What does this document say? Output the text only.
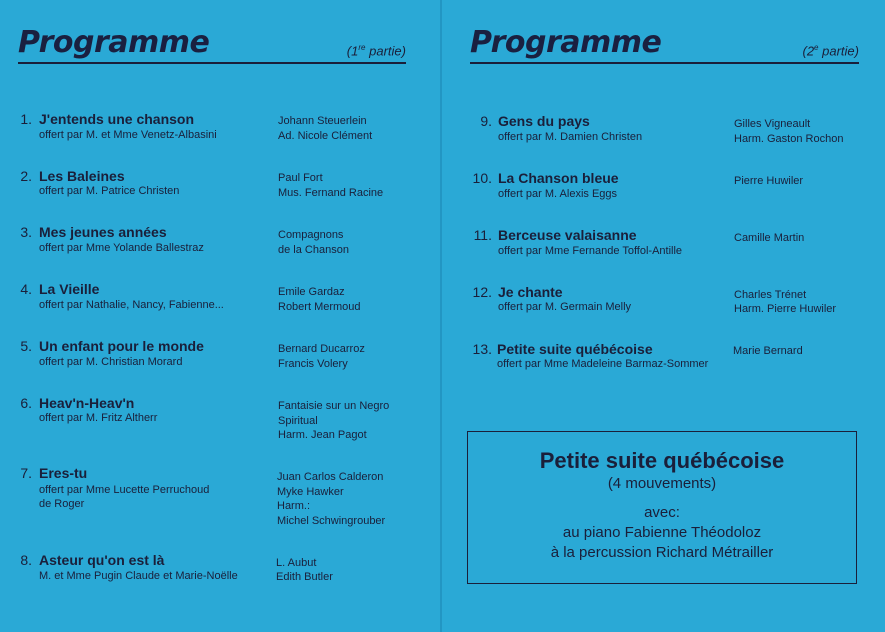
Programme	(1re partie)
1. J'entends une chanson
offert par M. et Mme Venetz-Albasini
Johann Steuerlein
Ad. Nicole Clément
2. Les Baleines
offert par M. Patrice Christen
Paul Fort
Mus. Fernand Racine
3. Mes jeunes années
offert par Mme Yolande Ballestraz
Compagnons
de la Chanson
4. La Vieille
offert par Nathalie, Nancy, Fabienne...
Emile Gardaz
Robert Mermoud
5. Un enfant pour le monde
offert par M. Christian Morard
Bernard Ducarroz
Francis Volery
6. Heav'n-Heav'n
offert par M. Fritz Altherr
Fantaisie sur un Negro
Spiritual
Harm. Jean Pagot
7. Eres-tu
offert par Mme Lucette Perruchoud
de Roger
Juan Carlos Calderon
Myke Hawker
Harm.:
Michel Schwingrouber
8. Asteur qu'on est là
M. et Mme Pugin Claude et Marie-Noëlle
L. Aubut
Edith Butler
Programme	(2e partie)
9. Gens du pays
offert par M. Damien Christen
Gilles Vigneault
Harm. Gaston Rochon
10. La Chanson bleue
offert par M. Alexis Eggs
Pierre Huwiler
11. Berceuse valaisanne
offert par Mme Fernande Toffol-Antille
Camille Martin
12. Je chante
offert par M. Germain Melly
Charles Trénet
Harm. Pierre Huwiler
13. Petite suite québécoise
offert par Mme Madeleine Barmaz-Sommer
Marie Bernard
Petite suite québécoise
(4 mouvements)
avec:
au piano Fabienne Théodoloz
à la percussion Richard Métrailler
